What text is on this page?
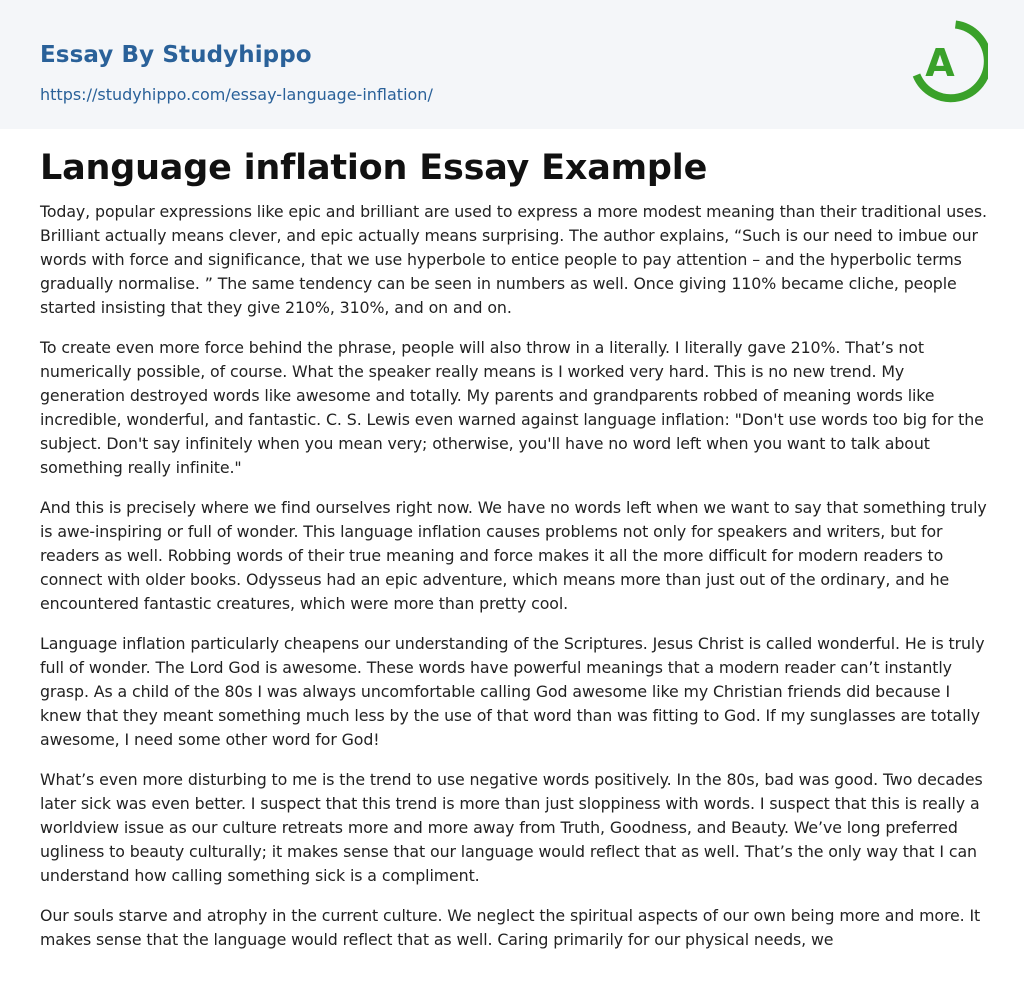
Essay By Studyhippo
https://studyhippo.com/essay-language-inflation/
A
Language inflation Essay Example

Today, popular expressions like epic and brilliant are used to express a more modest meaning than their traditional uses. Brilliant actually means clever, and epic actually means surprising. The author explains, “Such is our need to imbue our words with force and significance, that we use hyperbole to entice people to pay attention – and the hyperbolic terms gradually normalise. ” The same tendency can be seen in numbers as well. Once giving 110% became cliche, people started insisting that they give 210%, 310%, and on and on.

To create even more force behind the phrase, people will also throw in a literally. I literally gave 210%. That’s not numerically possible, of course. What the speaker really means is I worked very hard. This is no new trend. My generation destroyed words like awesome and totally. My parents and grandparents robbed of meaning words like incredible, wonderful, and fantastic. C. S. Lewis even warned against language inflation: "Don't use words too big for the subject. Don't say infinitely when you mean very; otherwise, you'll have no word left when you want to talk about something really infinite."

And this is precisely where we find ourselves right now. We have no words left when we want to say that something truly is awe-inspiring or full of wonder. This language inflation causes problems not only for speakers and writers, but for readers as well. Robbing words of their true meaning and force makes it all the more difficult for modern readers to connect with older books. Odysseus had an epic adventure, which means more than just out of the ordinary, and he encountered fantastic creatures, which were more than pretty cool.

Language inflation particularly cheapens our understanding of the Scriptures. Jesus Christ is called wonderful. He is truly full of wonder. The Lord God is awesome. These words have powerful meanings that a modern reader can’t instantly grasp. As a child of the 80s I was always uncomfortable calling God awesome like my Christian friends did because I knew that they meant something much less by the use of that word than was fitting to God. If my sunglasses are totally awesome, I need some other word for God!

What’s even more disturbing to me is the trend to use negative words positively. In the 80s, bad was good. Two decades later sick was even better. I suspect that this trend is more than just sloppiness with words. I suspect that this is really a worldview issue as our culture retreats more and more away from Truth, Goodness, and Beauty. We’ve long preferred ugliness to beauty culturally; it makes sense that our language would reflect that as well. That’s the only way that I can understand how calling something sick is a compliment.

Our souls starve and atrophy in the current culture. We neglect the spiritual aspects of our own being more and more. It makes sense that the language would reflect that as well. Caring primarily for our physical needs, we
